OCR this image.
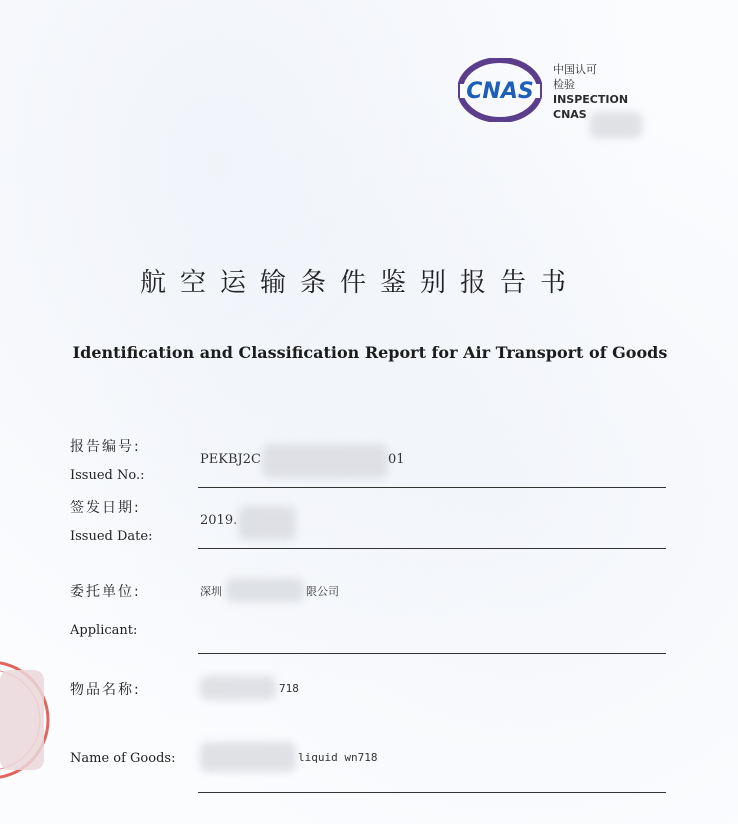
CNAS
中国认可
检验
INSPECTION
CNAS
航空运输条件鉴别报告书
Identification and Classification Report for Air Transport of Goods
报告编号:
Issued No.:
PEKBJ2C	01
签发日期:
Issued Date:
2019.
委托单位:
Applicant:
深圳	限公司
物品名称:	718
Name of Goods:	liquid wn718
